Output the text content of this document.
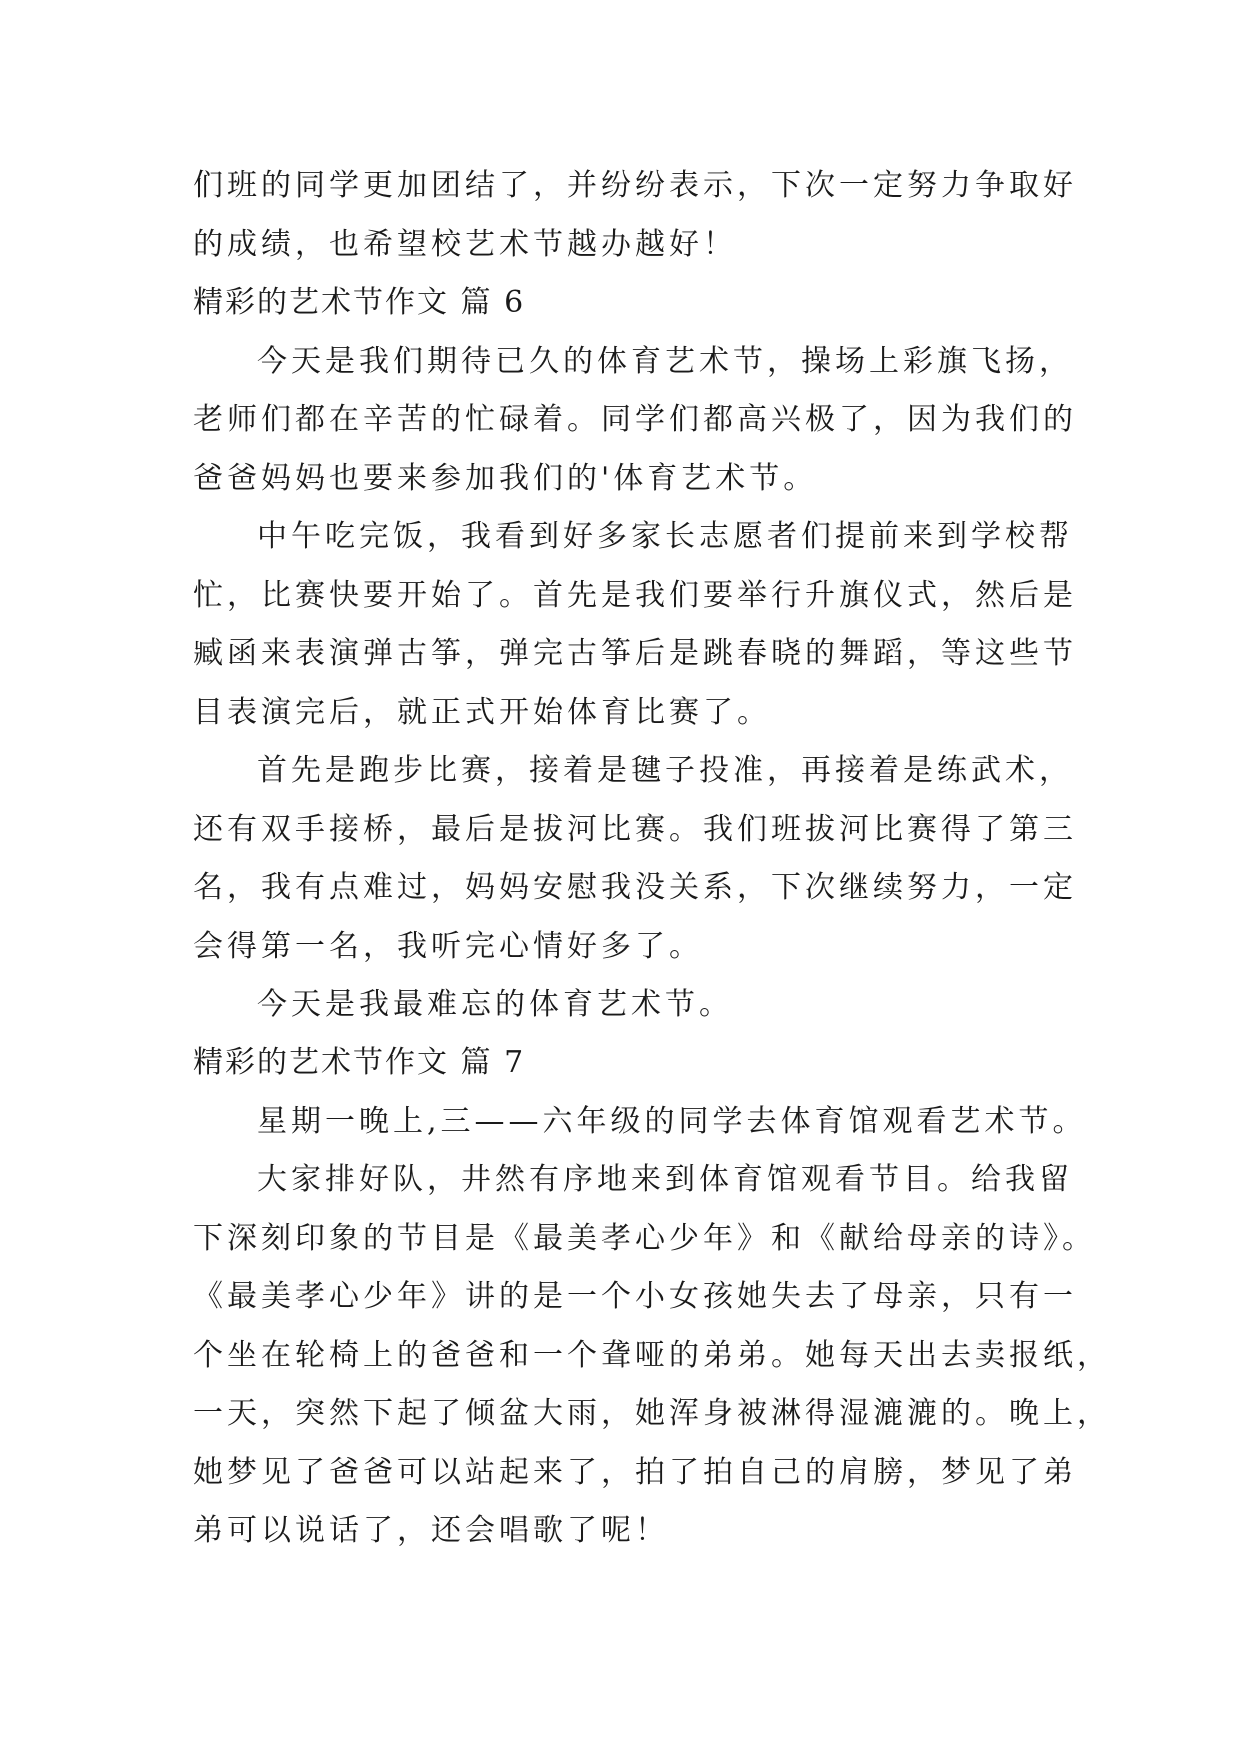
们班的同学更加团结了，并纷纷表示，下次一定努力争取好
的成绩，也希望校艺术节越办越好！
精彩的艺术节作文 篇 6
今天是我们期待已久的体育艺术节，操场上彩旗飞扬，
老师们都在辛苦的忙碌着。同学们都高兴极了，因为我们的
爸爸妈妈也要来参加我们的'体育艺术节。
中午吃完饭，我看到好多家长志愿者们提前来到学校帮
忙，比赛快要开始了。首先是我们要举行升旗仪式，然后是
臧函来表演弹古筝，弹完古筝后是跳春晓的舞蹈，等这些节
目表演完后，就正式开始体育比赛了。
首先是跑步比赛，接着是毽子投准，再接着是练武术，
还有双手接桥，最后是拔河比赛。我们班拔河比赛得了第三
名，我有点难过，妈妈安慰我没关系，下次继续努力，一定
会得第一名，我听完心情好多了。
今天是我最难忘的体育艺术节。
精彩的艺术节作文 篇 7
星期一晚上,三——六年级的同学去体育馆观看艺术节。
大家排好队，井然有序地来到体育馆观看节目。给我留
下深刻印象的节目是《最美孝心少年》和《献给母亲的诗》。
《最美孝心少年》讲的是一个小女孩她失去了母亲，只有一
个坐在轮椅上的爸爸和一个聋哑的弟弟。她每天出去卖报纸，
一天，突然下起了倾盆大雨，她浑身被淋得湿漉漉的。晚上，
她梦见了爸爸可以站起来了，拍了拍自己的肩膀，梦见了弟
弟可以说话了，还会唱歌了呢！
